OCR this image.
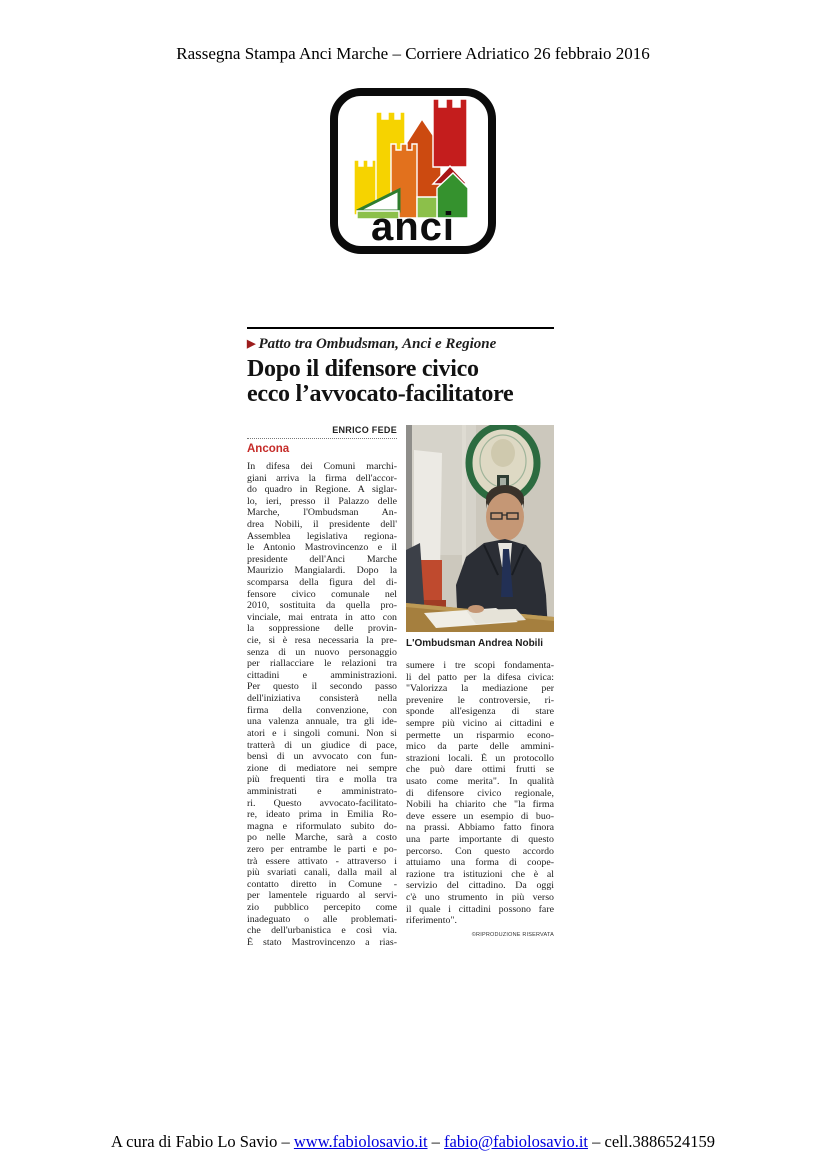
Rassegna Stampa Anci Marche – Corriere Adriatico 26 febbraio 2016
anci
▶ Patto tra Ombudsman, Anci e Regione
Dopo il difensore civico
ecco l’avvocato-facilitatore
ENRICO FEDE
Ancona
In difesa dei Comuni marchi-
giani arriva la firma dell'accor-
do quadro in Regione. A siglar-
lo, ieri, presso il Palazzo delle
Marche, l'Ombudsman An-
drea Nobili, il presidente dell'
Assemblea legislativa regiona-
le Antonio Mastrovincenzo e il
presidente dell'Anci Marche
Maurizio Mangialardi. Dopo la
scomparsa della figura del di-
fensore civico comunale nel
2010, sostituita da quella pro-
vinciale, mai entrata in atto con
la soppressione delle provin-
cie, si è resa necessaria la pre-
senza di un nuovo personaggio
per riallacciare le relazioni tra
cittadini e amministrazioni.
Per questo il secondo passo
dell'iniziativa consisterà nella
firma della convenzione, con
una valenza annuale, tra gli ide-
atori e i singoli comuni. Non si
tratterà di un giudice di pace,
bensì di un avvocato con fun-
zione di mediatore nei sempre
più frequenti tira e molla tra
amministrati e amministrato-
ri. Questo avvocato-facilitato-
re, ideato prima in Emilia Ro-
magna e riformulato subito do-
po nelle Marche, sarà a costo
zero per entrambe le parti e po-
trà essere attivato - attraverso i
più svariati canali, dalla mail al
contatto diretto in Comune -
per lamentele riguardo al servi-
zio pubblico percepito come
inadeguato o alle problemati-
che dell'urbanistica e così via.
È stato Mastrovincenzo a rias-
L'Ombudsman Andrea Nobili
sumere i tre scopi fondamenta-
li del patto per la difesa civica:
"Valorizza la mediazione per
prevenire le controversie, ri-
sponde all'esigenza di stare
sempre più vicino ai cittadini e
permette un risparmio econo-
mico da parte delle ammini-
strazioni locali. È un protocollo
che può dare ottimi frutti se
usato come merita". In qualità
di difensore civico regionale,
Nobili ha chiarito che "la firma
deve essere un esempio di buo-
na prassi. Abbiamo fatto finora
una parte importante di questo
percorso. Con questo accordo
attuiamo una forma di coope-
razione tra istituzioni che è al
servizio del cittadino. Da oggi
c'è uno strumento in più verso
il quale i cittadini possono fare
riferimento".
©RIPRODUZIONE RISERVATA
A cura di Fabio Lo Savio – www.fabiolosavio.it – fabio@fabiolosavio.it – cell.3886524159
